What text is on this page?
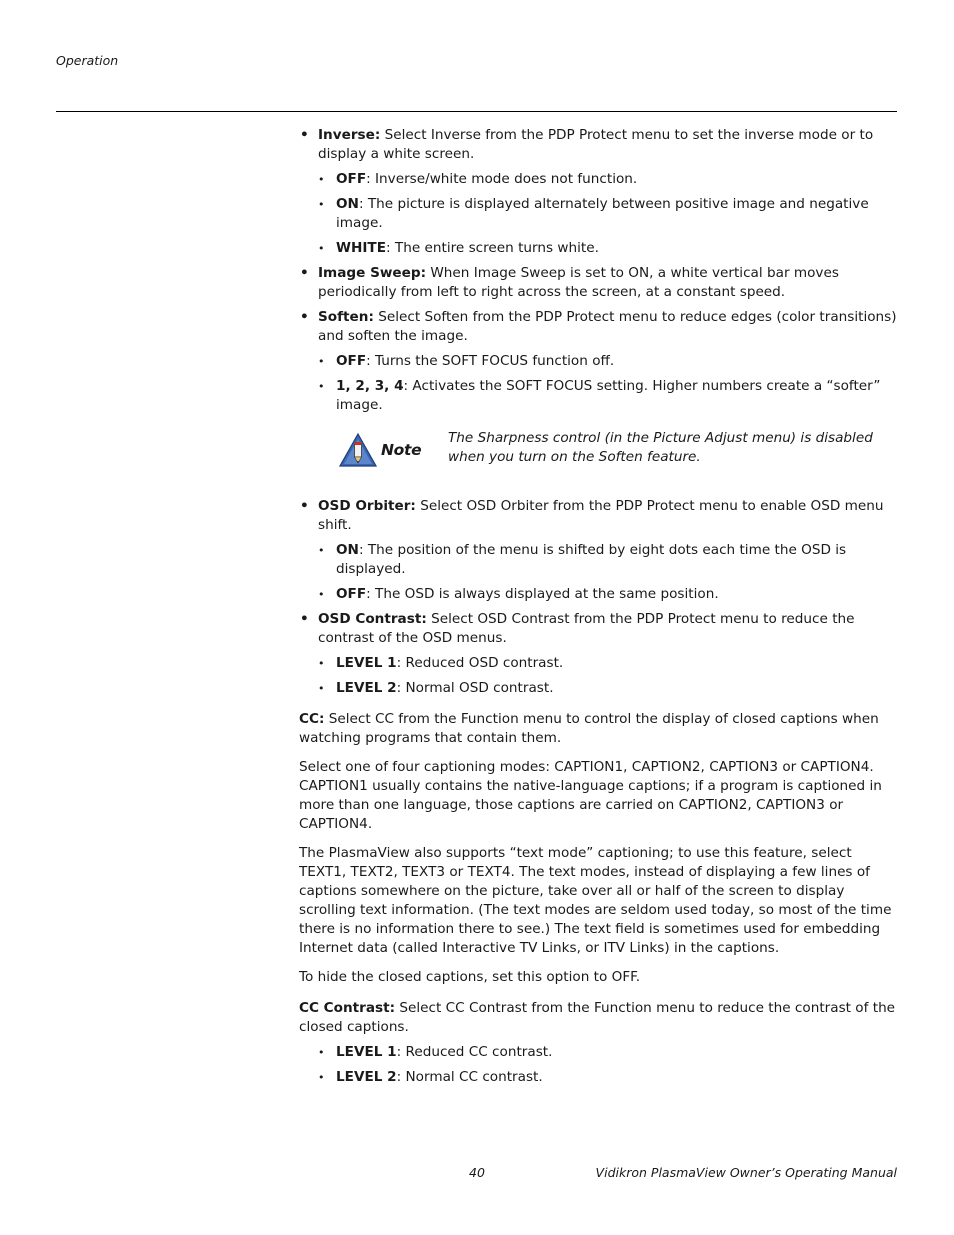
Operation
• Inverse: Select Inverse from the PDP Protect menu to set the inverse mode or to display a white screen.
• OFF: Inverse/white mode does not function.
• ON: The picture is displayed alternately between positive image and negative image.
• WHITE: The entire screen turns white.
• Image Sweep: When Image Sweep is set to ON, a white vertical bar moves periodically from left to right across the screen, at a constant speed.
• Soften: Select Soften from the PDP Protect menu to reduce edges (color transitions) and soften the image.
• OFF: Turns the SOFT FOCUS function off.
• 1, 2, 3, 4: Activates the SOFT FOCUS setting. Higher numbers create a “softer” image.
Note
The Sharpness control (in the Picture Adjust menu) is disabled when you turn on the Soften feature.
• OSD Orbiter: Select OSD Orbiter from the PDP Protect menu to enable OSD menu shift.
• ON: The position of the menu is shifted by eight dots each time the OSD is displayed.
• OFF: The OSD is always displayed at the same position.
• OSD Contrast: Select OSD Contrast from the PDP Protect menu to reduce the contrast of the OSD menus.
• LEVEL 1: Reduced OSD contrast.
• LEVEL 2: Normal OSD contrast.

CC: Select CC from the Function menu to control the display of closed captions when watching programs that contain them.

Select one of four captioning modes: CAPTION1, CAPTION2, CAPTION3 or CAPTION4. CAPTION1 usually contains the native-language captions; if a program is captioned in more than one language, those captions are carried on CAPTION2, CAPTION3 or CAPTION4.

The PlasmaView also supports “text mode” captioning; to use this feature, select TEXT1, TEXT2, TEXT3 or TEXT4. The text modes, instead of displaying a few lines of captions somewhere on the picture, take over all or half of the screen to display scrolling text information. (The text modes are seldom used today, so most of the time there is no information there to see.) The text field is sometimes used for embedding Internet data (called Interactive TV Links, or ITV Links) in the captions.

To hide the closed captions, set this option to OFF.

CC Contrast: Select CC Contrast from the Function menu to reduce the contrast of the closed captions.

• LEVEL 1: Reduced CC contrast.
• LEVEL 2: Normal CC contrast.
40	Vidikron PlasmaView Owner’s Operating Manual
